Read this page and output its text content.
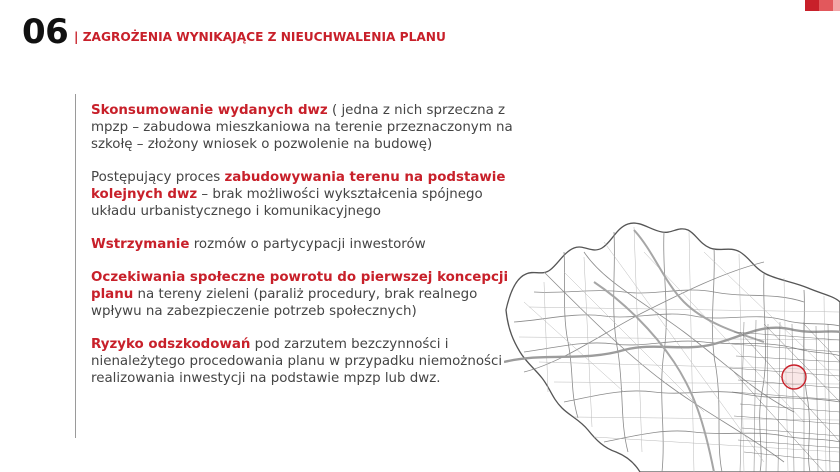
06 | ZAGROŻENIA WYNIKAJĄCE Z NIEUCHWALENIA PLANU

Skonsumowanie wydanych dwz ( jedna z nich sprzeczna z mpzp – zabudowa mieszkaniowa na terenie przeznaczonym na szkołę – złożony wniosek o pozwolenie na budowę)

Postępujący proces zabudowywania terenu na podstawie kolejnych dwz – brak możliwości wykształcenia spójnego układu urbanistycznego i komunikacyjnego

Wstrzymanie rozmów o partycypacji inwestorów

Oczekiwania społeczne powrotu do pierwszej koncepcji planu na tereny zieleni (paraliż procedury, brak realnego wpływu na zabezpieczenie potrzeb społecznych)

Ryzyko odszkodowań pod zarzutem bezczynności i nienależytego procedowania planu w przypadku niemożności realizowania inwestycji na podstawie mpzp lub dwz.
